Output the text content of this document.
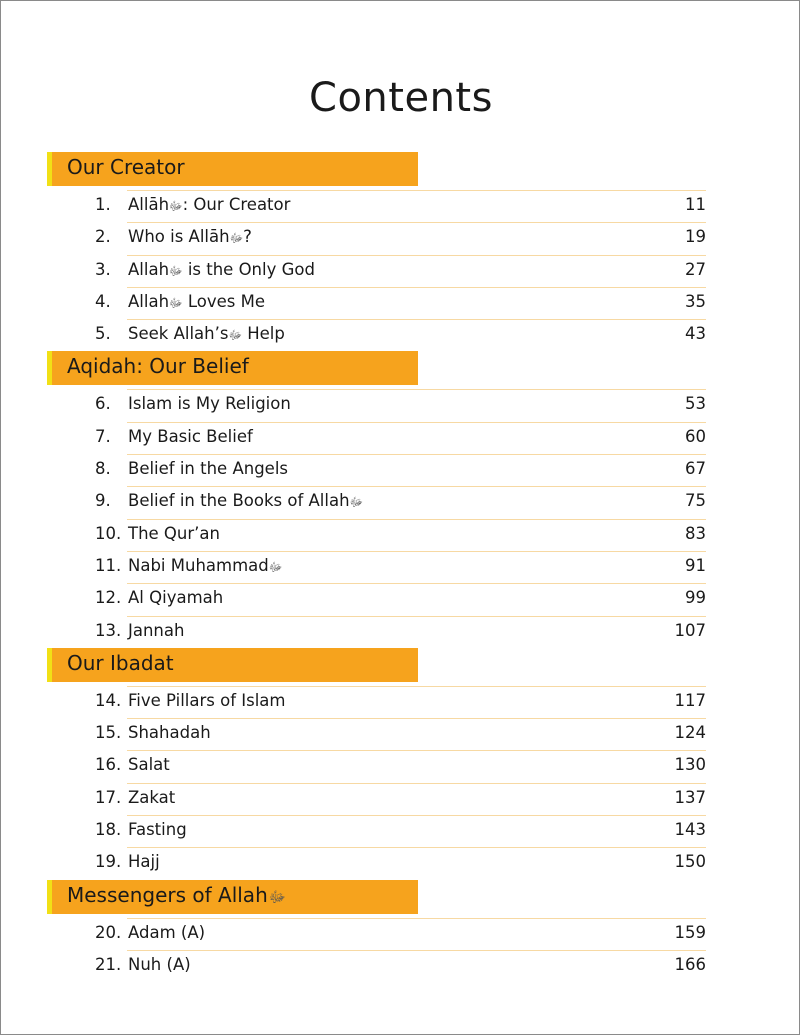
Contents
Our Creator
1. Allāhﷻ: Our Creator	11
2. Who is Allāhﷻ?	19
3. Allahﷻ is the Only God	27
4. Allahﷻ Loves Me	35
5. Seek Allah’sﷻ Help	43
Aqidah: Our Belief
6. Islam is My Religion	53
7. My Basic Belief	60
8. Belief in the Angels	67
9. Belief in the Books of Allahﷻ	75
10. The Qur’an	83
11. Nabi Muhammadﷻ	91
12. Al Qiyamah	99
13. Jannah	107
Our Ibadat
14. Five Pillars of Islam	117
15. Shahadah	124
16. Salat	130
17. Zakat	137
18. Fasting	143
19. Hajj	150
Messengers of Allahﷻ
20. Adam (A)	159
21. Nuh (A)	166
